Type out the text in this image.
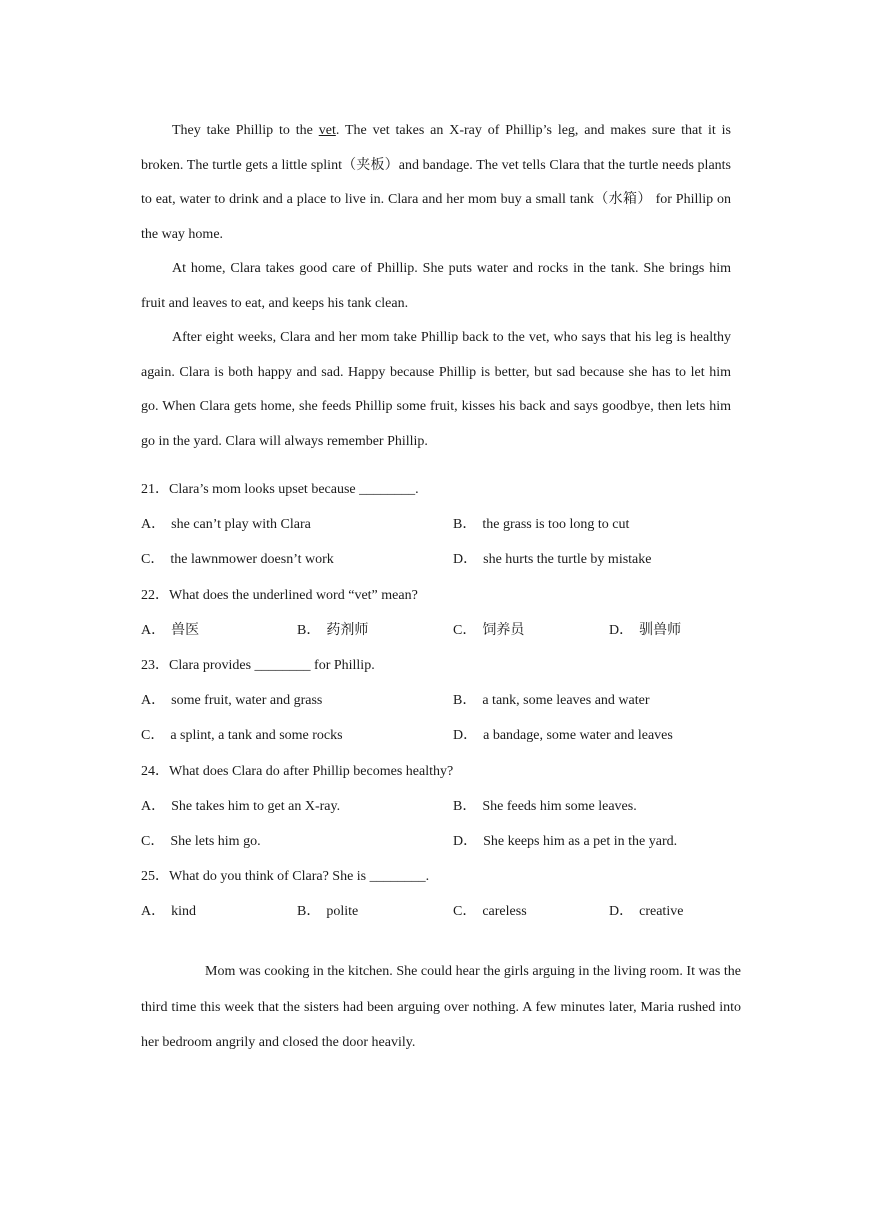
They take Phillip to the vet. The vet takes an X-ray of Phillip’s leg, and makes sure that it is broken. The turtle gets a little splint（夹板）and bandage. The vet tells Clara that the turtle needs plants to eat, water to drink and a place to live in. Clara and her mom buy a small tank（水箱） for Phillip on the way home.

At home, Clara takes good care of Phillip. She puts water and rocks in the tank. She brings him fruit and leaves to eat, and keeps his tank clean.

After eight weeks, Clara and her mom take Phillip back to the vet, who says that his leg is healthy again. Clara is both happy and sad. Happy because Phillip is better, but sad because she has to let him go. When Clara gets home, she feeds Phillip some fruit, kisses his back and says goodbye, then lets him go in the yard. Clara will always remember Phillip.

21．Clara’s mom looks upset because ________.
A． she can’t play with Clara	B． the grass is too long to cut
C． the lawnmower doesn’t work	D． she hurts the turtle by mistake
22．What does the underlined word “vet” mean?
A． 兽医	B． 药剂师	C． 饲养员	D． 驯兽师
23．Clara provides ________ for Phillip.
A． some fruit, water and grass	B． a tank, some leaves and water
C． a splint, a tank and some rocks	D． a bandage, some water and leaves
24．What does Clara do after Phillip becomes healthy?
A． She takes him to get an X-ray.	B． She feeds him some leaves.
C． She lets him go.	D． She keeps him as a pet in the yard.
25．What do you think of Clara? She is ________.
A． kind	B． polite	C． careless	D． creative

Mom was cooking in the kitchen. She could hear the girls arguing in the living room. It was the third time this week that the sisters had been arguing over nothing. A few minutes later, Maria rushed into her bedroom angrily and closed the door heavily.
